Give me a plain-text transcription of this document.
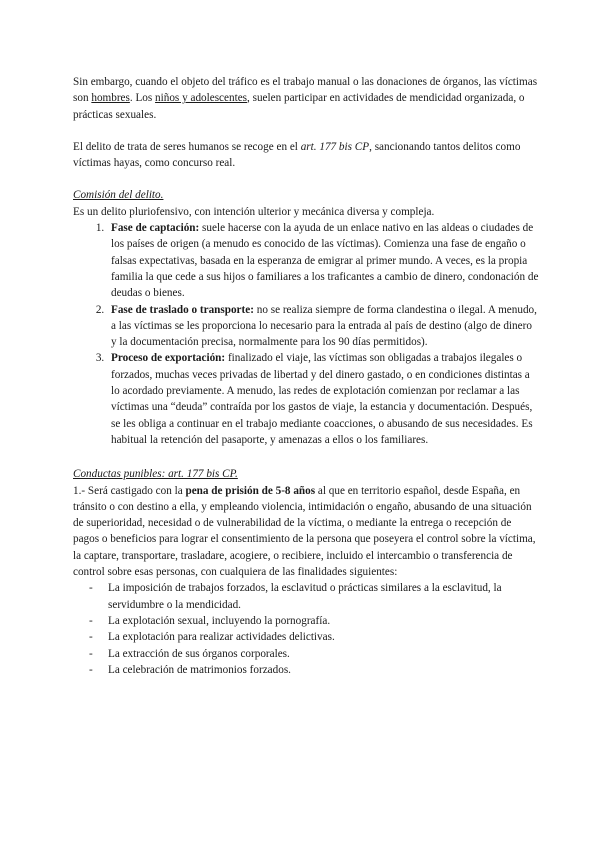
Sin embargo, cuando el objeto del tráfico es el trabajo manual o las donaciones de órganos, las víctimas son hombres. Los niños y adolescentes, suelen participar en actividades de mendicidad organizada, o prácticas sexuales.

El delito de trata de seres humanos se recoge en el art. 177 bis CP, sancionando tantos delitos como víctimas hayas, como concurso real.

Comisión del delito.

Es un delito pluriofensivo, con intención ulterior y mecánica diversa y compleja.

1. Fase de captación: suele hacerse con la ayuda de un enlace nativo en las aldeas o ciudades de los países de origen (a menudo es conocido de las víctimas). Comienza una fase de engaño o falsas expectativas, basada en la esperanza de emigrar al primer mundo. A veces, es la propia familia la que cede a sus hijos o familiares a los traficantes a cambio de dinero, condonación de deudas o bienes.
2. Fase de traslado o transporte: no se realiza siempre de forma clandestina o ilegal. A menudo, a las víctimas se les proporciona lo necesario para la entrada al país de destino (algo de dinero y la documentación precisa, normalmente para los 90 días permitidos).
3. Proceso de exportación: finalizado el viaje, las víctimas son obligadas a trabajos ilegales o forzados, muchas veces privadas de libertad y del dinero gastado, o en condiciones distintas a lo acordado previamente. A menudo, las redes de explotación comienzan por reclamar a las víctimas una “deuda” contraída por los gastos de viaje, la estancia y documentación. Después, se les obliga a continuar en el trabajo mediante coacciones, o abusando de sus necesidades. Es habitual la retención del pasaporte, y amenazas a ellos o los familiares.

Conductas punibles: art. 177 bis CP.

1.- Será castigado con la pena de prisión de 5-8 años al que en territorio español, desde España, en tránsito o con destino a ella, y empleando violencia, intimidación o engaño, abusando de una situación de superioridad, necesidad o de vulnerabilidad de la víctima, o mediante la entrega o recepción de pagos o beneficios para lograr el consentimiento de la persona que poseyera el control sobre la víctima, la captare, transportare, trasladare, acogiere, o recibiere, incluido el intercambio o transferencia de control sobre esas personas, con cualquiera de las finalidades siguientes:

- La imposición de trabajos forzados, la esclavitud o prácticas similares a la esclavitud, la servidumbre o la mendicidad.
- La explotación sexual, incluyendo la pornografía.
- La explotación para realizar actividades delictivas.
- La extracción de sus órganos corporales.
- La celebración de matrimonios forzados.
